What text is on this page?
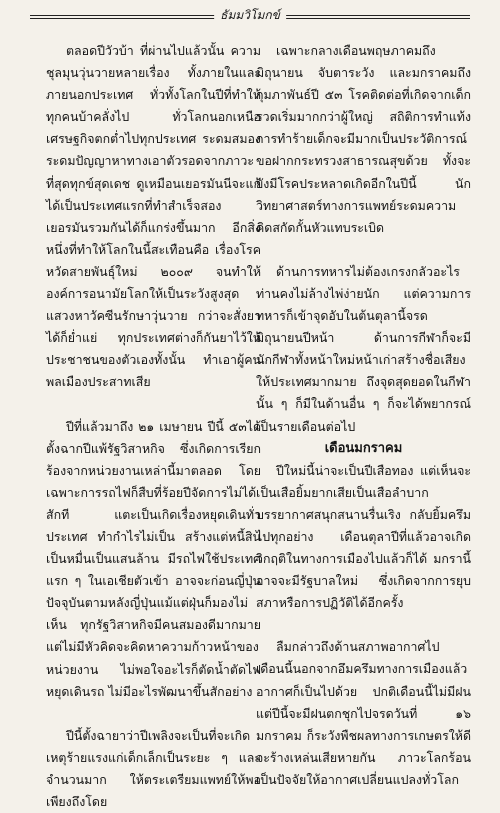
ธัมมวิโมกข์

ตลอดปีวัวบ้า ที่ผ่านไปแล้วนั้น ความชุลมุนวุ่นวายหลายเรื่อง ทั้งภายในและภายนอกประเทศ ทั่วทั้งโลกในปีที่ทำให้ทุกคนบ้าคลั่งไป ทั่วโลกนอกเหนือเศรษฐกิจตกต่ำไปทุกประเทศ ระดมสมองระดมปัญญาหาทางเอาตัวรอดจากภาวะที่สุดทุกข์สุดเดช ดูเหมือนเยอรมันนีจะแก้ได้เป็นประเทศแรกที่ทำสำเร็จสองเยอรมันรวมกันได้ก็แกร่งขึ้นมาก อีกสิ่งหนึ่งที่ทำให้โลกในนี้สะเทือนคือ เรื่องโรคหวัดสายพันธุ์ใหม่ ๒๐๐๙ จนทำให้องค์การอนามัยโลกให้เป็นระวังสูงสุด แสวงหาวัคซีนรักษาวุ่นวาย กว่าจะสั่งยาได้ก็ย่ำแย่ ทุกประเทศต่างก็กันยาไว้ให้ประชาชนของตัวเองทั้งนั้น ทำเอาผู้คนพลเมืองประสาทเสีย

ปีที่แล้วมาถึง ๒๑ เมษายน ปีนี้ ๕๓ได้ตั้งฉากปีแพ้รัฐวิสาหกิจ ซึ่งเกิดการเรียกร้องจากหน่วยงานเหล่านี้มาตลอด โดยเฉพาะการรถไฟก็สืบที่ร้อยปีจัดการไม่ได้สักที แตะเป็นเกิดเรื่องหยุดเดินทั่วประเทศ ทำกำไรไม่เป็น สร้างแต่หนี้สินเป็นหมื่นเป็นแสนล้าน มีรถไฟใช้ประเทศแรก ๆ ในเอเชียตัวเข้า อาจจะก่อนญี่ปุ่น ปัจจุบันตามหลังญี่ปุ่นแม้แต่ฝุ่นก็มองไม่เห็น ทุกรัฐวิสาหกิจมีคนสมองดีมากมาย แต่ไม่มีหัวคิดจะคิดหาความก้าวหน้าของหน่วยงาน ไม่พอใจอะไรก็ตัดน้ำตัดไฟหยุดเดินรถ ไม่มีอะไรพัฒนาขึ้นสักอย่าง

ปีนี้ตั้งฉายาว่าปีเพลิงจะเป็นที่จะเกิดเหตุร้ายแรงแก่เด็กเล็กเป็นระยะ ๆ และจำนวนมาก ให้ตระเตรียมแพทย์ให้พอเพียงถึงโดย

เฉพาะกลางเดือนพฤษภาคมถึงมิถุนายน จับตาระวัง และมกราคมถึงกุมภาพันธ์ปี ๕๓ โรคติดต่อที่เกิดจากเด็กรวดเริ่มมากกว่าผู้ใหญ่ สถิติการทำแท้งการทำร้ายเด็กจะมีมากเป็นประวัติการณ์ ขอฝากกระทรวงสาธารณสุขด้วย ทั้งจะยังมีโรคประหลาดเกิดอีกในปีนี้ นักวิทยาศาสตร์ทางการแพทย์ระดมความคิดสกัดกั้นหัวแทบระเบิด

ด้านการทหารไม่ต้องเกรงกลัวอะไร ท่านคงไม่ล้างไพ่ง่ายนัก แต่ความการทหารก็เข้าจุดอับในต้นตุลานี้จรดมิถุนายนปีหน้า ด้านการกีฬาก็จะมีนักกีฬาทั้งหน้าใหม่หน้าเก่าสร้างชื่อเสียงให้ประเทศมากมาย ถึงจุดสุดยอดในกีฬานั้น ๆ ก็มีในด้านอื่น ๆ ก็จะได้พยากรณ์เป็นรายเดือนต่อไป

เดือนมกราคม

ปีใหม่นี้น่าจะเป็นปีเสือทอง แต่เห็นจะเป็นเสือยิ้มยากเสียเป็นเสือลำบาก บรรยากาศสนุกสนานรื่นเริง กลับยิ้มครึมไปทุกอย่าง เดือนตุลาปีที่แล้วอาจเกิดวิกฤติในทางการเมืองไปแล้วก็ได้ มกรานี้อาจจะมีรัฐบาลใหม่ ซึ่งเกิดจากการยุบสภาหรือการปฏิวัติได้อีกครั้ง

ลืมกล่าวถึงด้านสภาพอากาศไป เดือนนี้นอกจากอึมครึมทางการเมืองแล้ว อากาศก็เป็นไปด้วย ปกติเดือนนี้ไม่มีฝน แต่ปีนี้จะมีฝนตกชุกไปจรดวันที่ ๑๖ มกราคม ก็ระวังพืชผลทางการเกษตรให้ดี จะร้างเหล่นเสียหายกัน ภาวะโลกร้อนเป็นปัจจัยให้อากาศเปลี่ยนแปลงทั่วโลก
